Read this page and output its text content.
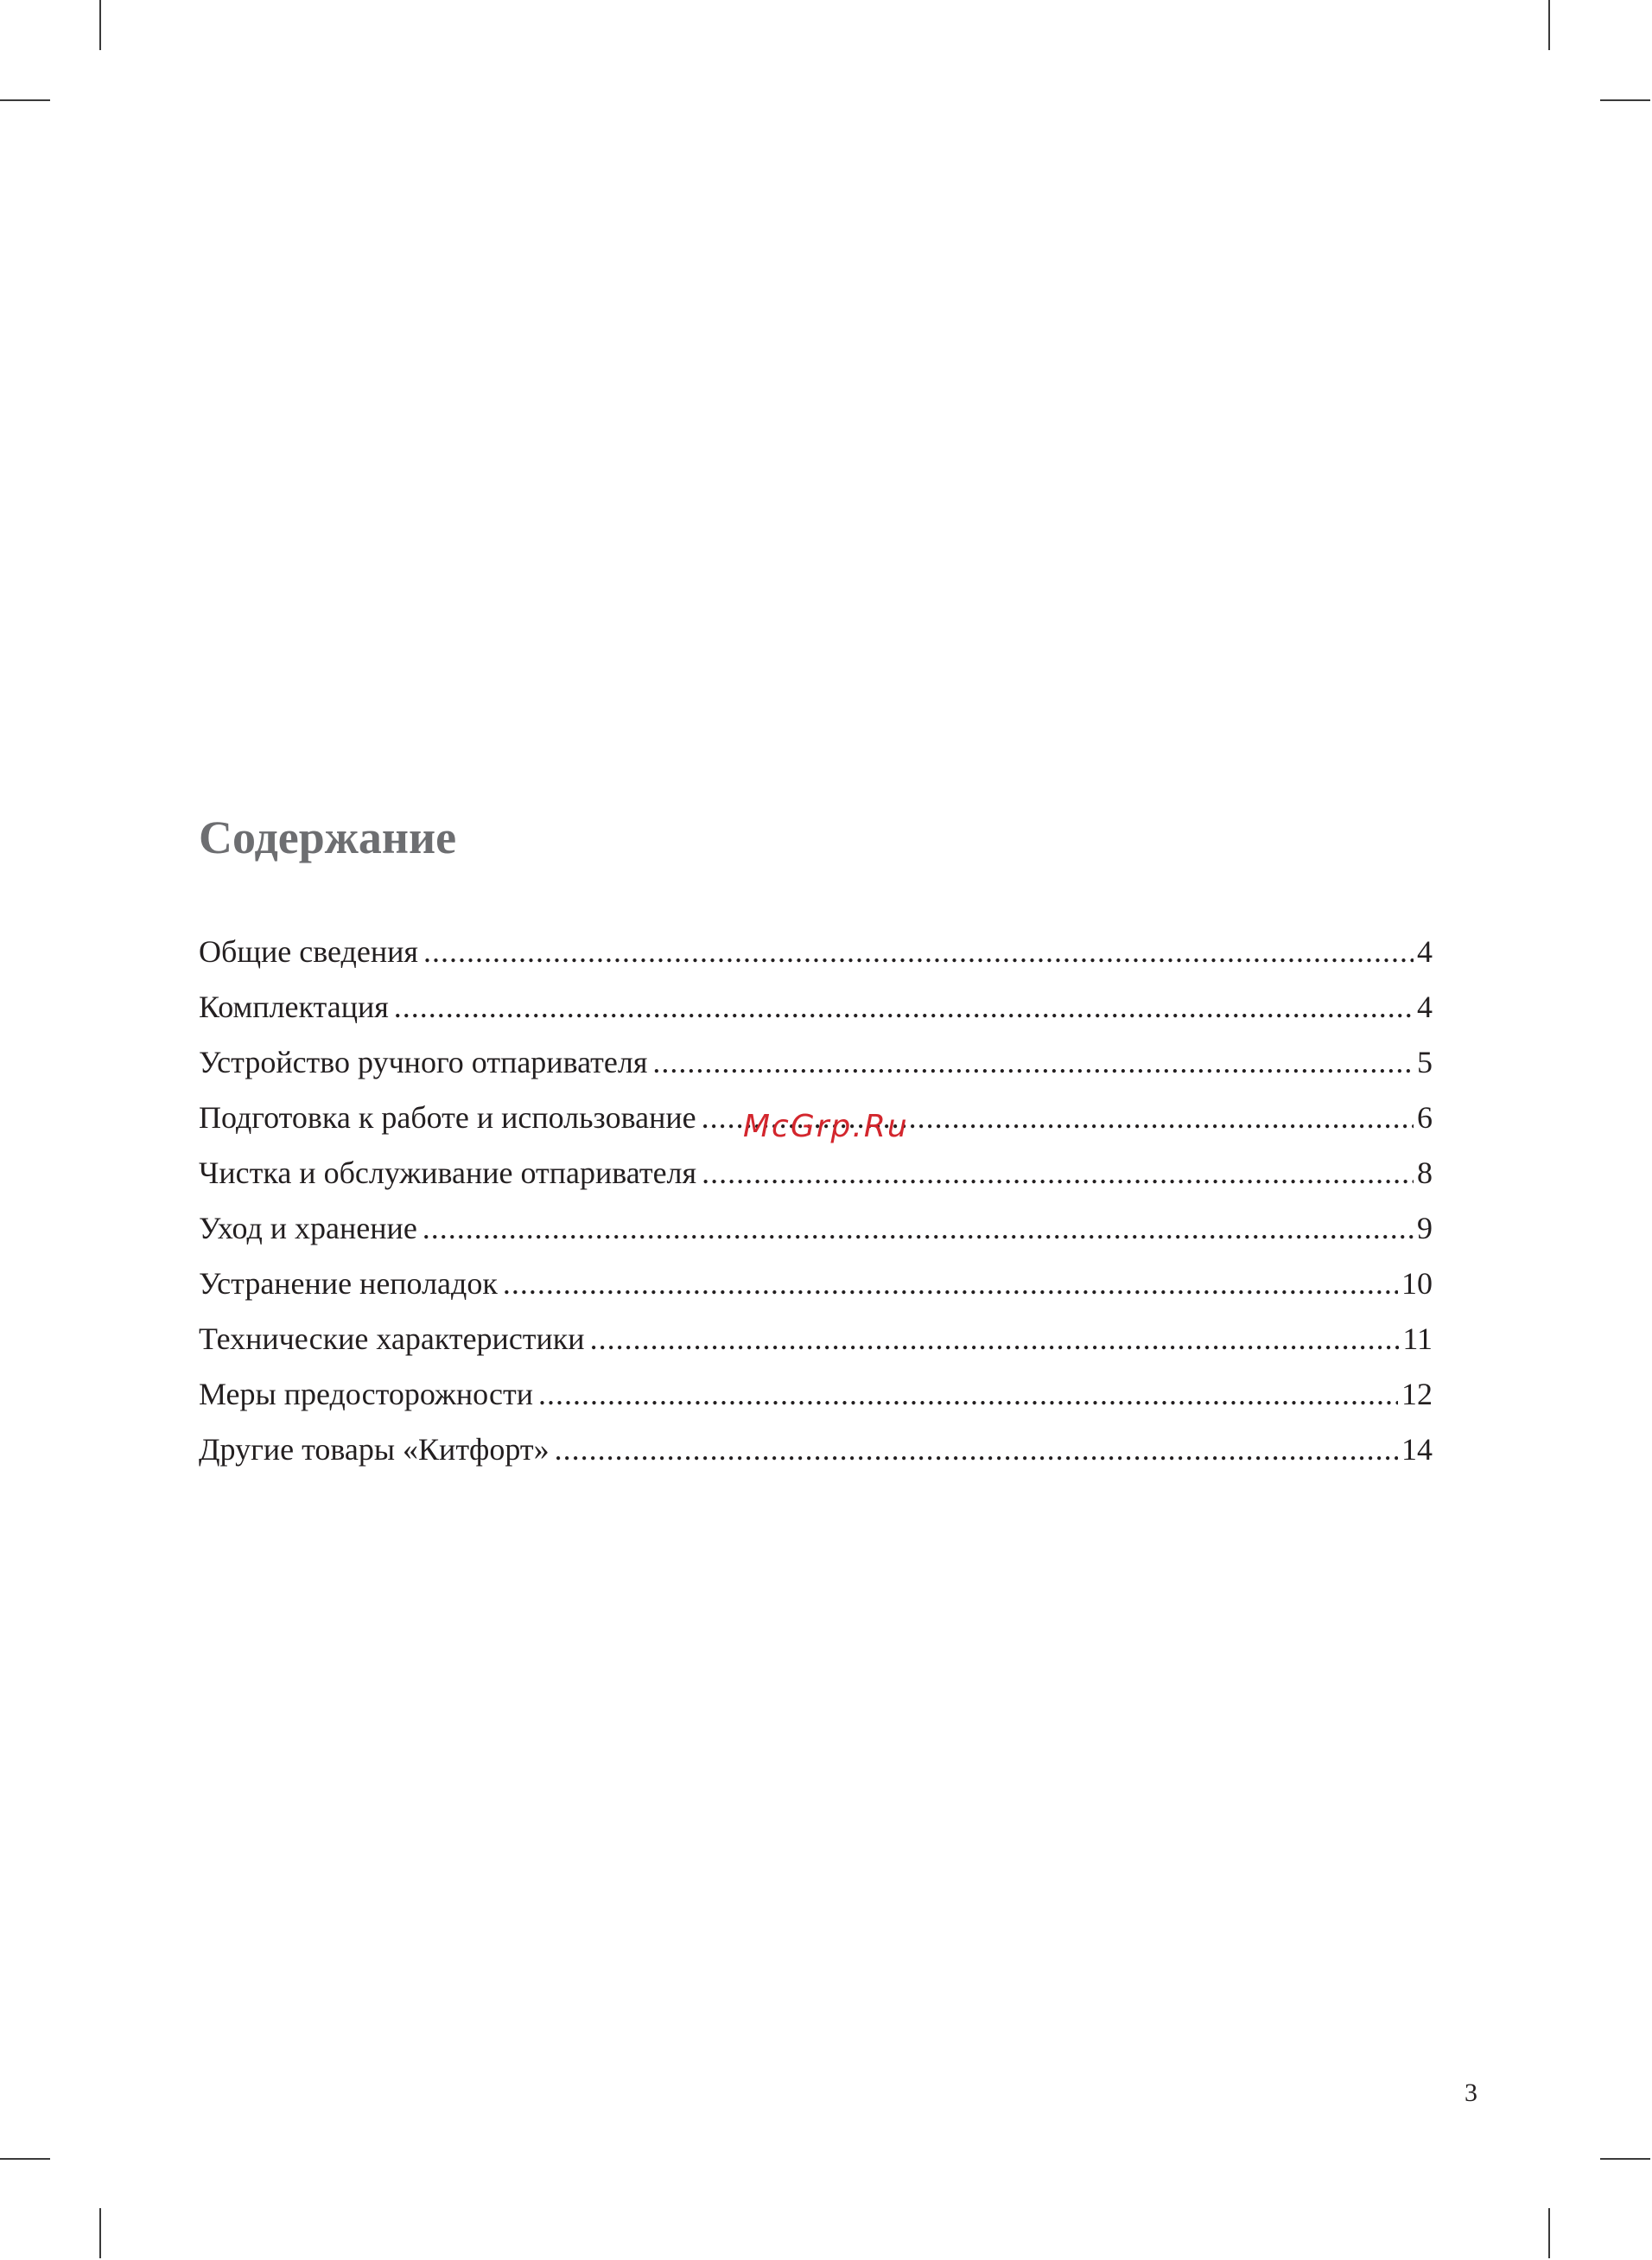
Содержание
Общие сведения .....	4
Комплектация .....	4
Устройство ручного отпаривателя .....	5
Подготовка к работе и использование .....	6
Чистка и обслуживание отпаривателя .....	8
Уход и хранение .....	9
Устранение неполадок .....	10
Технические характеристики .....	11
Меры предосторожности .....	12
Другие товары «Китфорт» .....	14
McGrp.Ru
3
